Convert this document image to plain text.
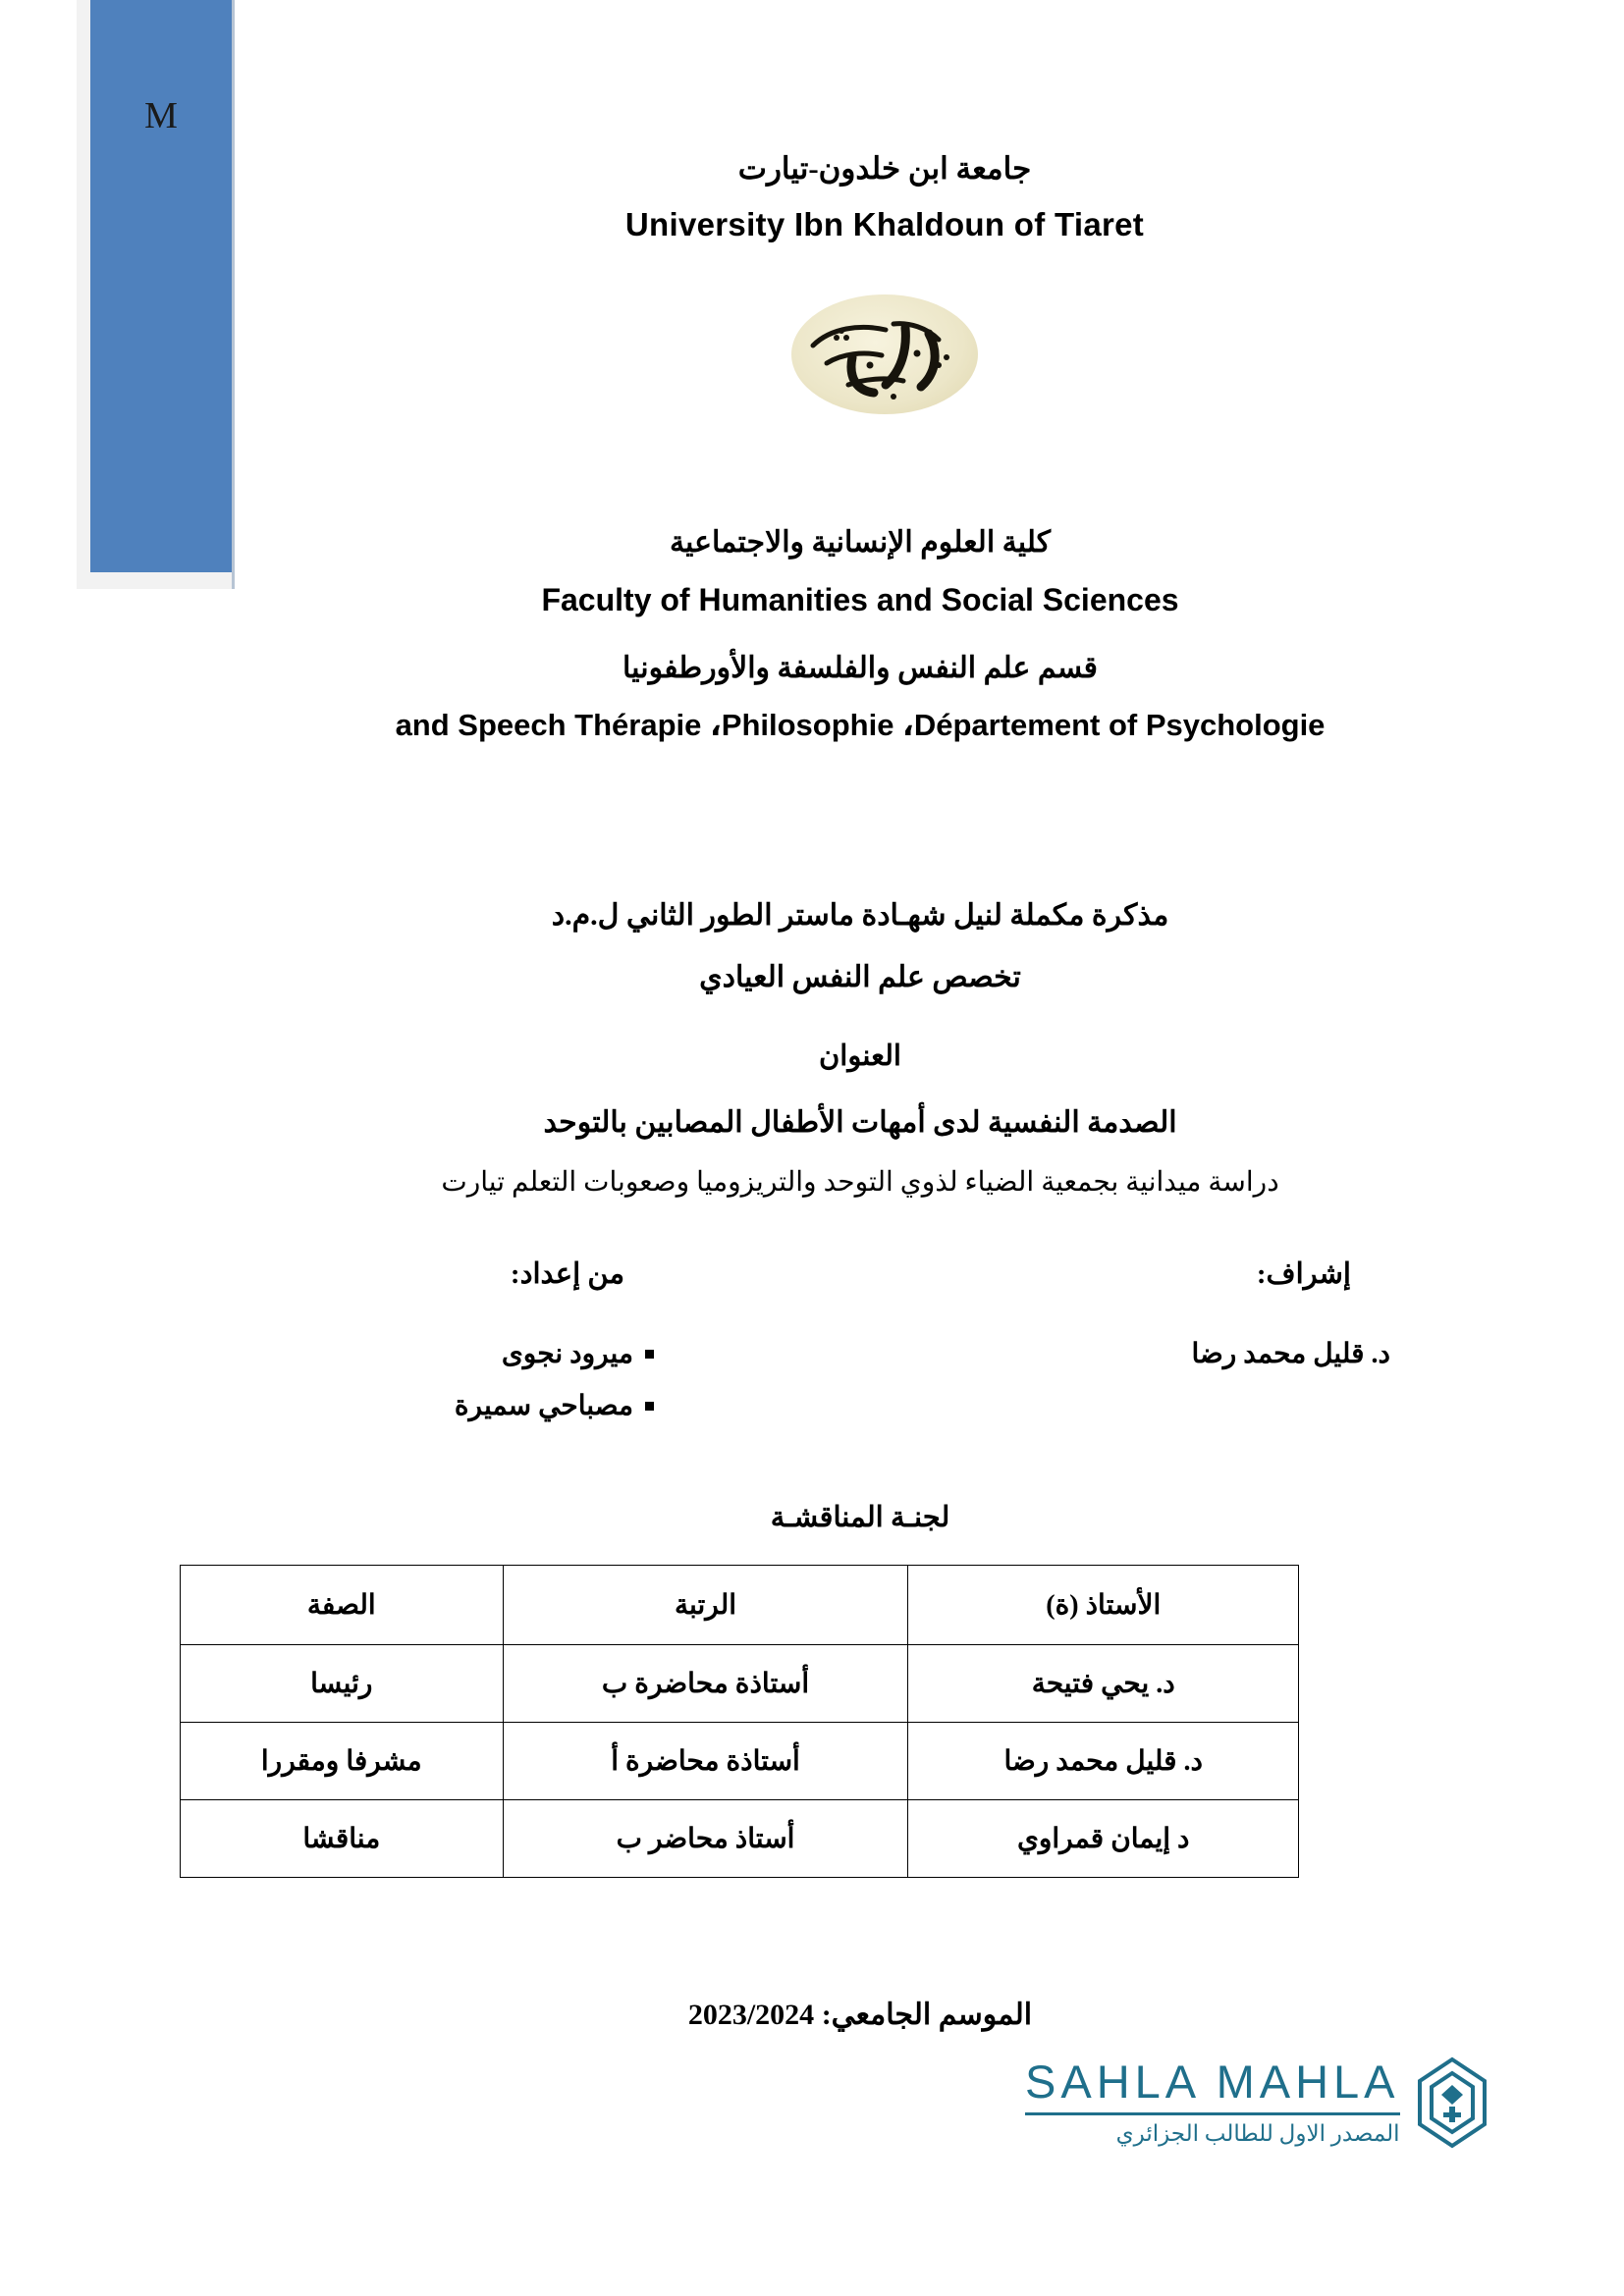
M
جامعة ابن خلدون-تيارت
University Ibn Khaldoun of Tiaret
كلية العلوم الإنسانية والاجتماعية
Faculty of Humanities and Social Sciences
قسم علم النفس والفلسفة والأورطفونيا
and Speech Thérapie ،Philosophie ،Département of Psychologie
مذكرة مكملة لنيل شهـادة ماستر الطور الثاني ل.م.د
تخصص علم النفس العيادي
العنوان
الصدمة النفسية لدى أمهات الأطفال المصابين بالتوحد
دراسة ميدانية بجمعية الضياء لذوي التوحد والتريزوميا وصعوبات التعلم تيارت
من إعداد:
ميرود نجوى
مصباحي سميرة
إشراف:
د. قليل محمد رضا
لجنـة المناقشـة
الأستاذ (ة)	الرتبة	الصفة
د. يحي فتيحة	أستاذة محاضرة ب	رئيسا
د. قليل محمد رضا	أستاذة محاضرة أ	مشرفا ومقررا
د إيمان قمراوي	أستاذ محاضر ب	مناقشا
الموسم الجامعي: 2023/2024
SAHLA MAHLA
المصدر الاول للطالب الجزائري
